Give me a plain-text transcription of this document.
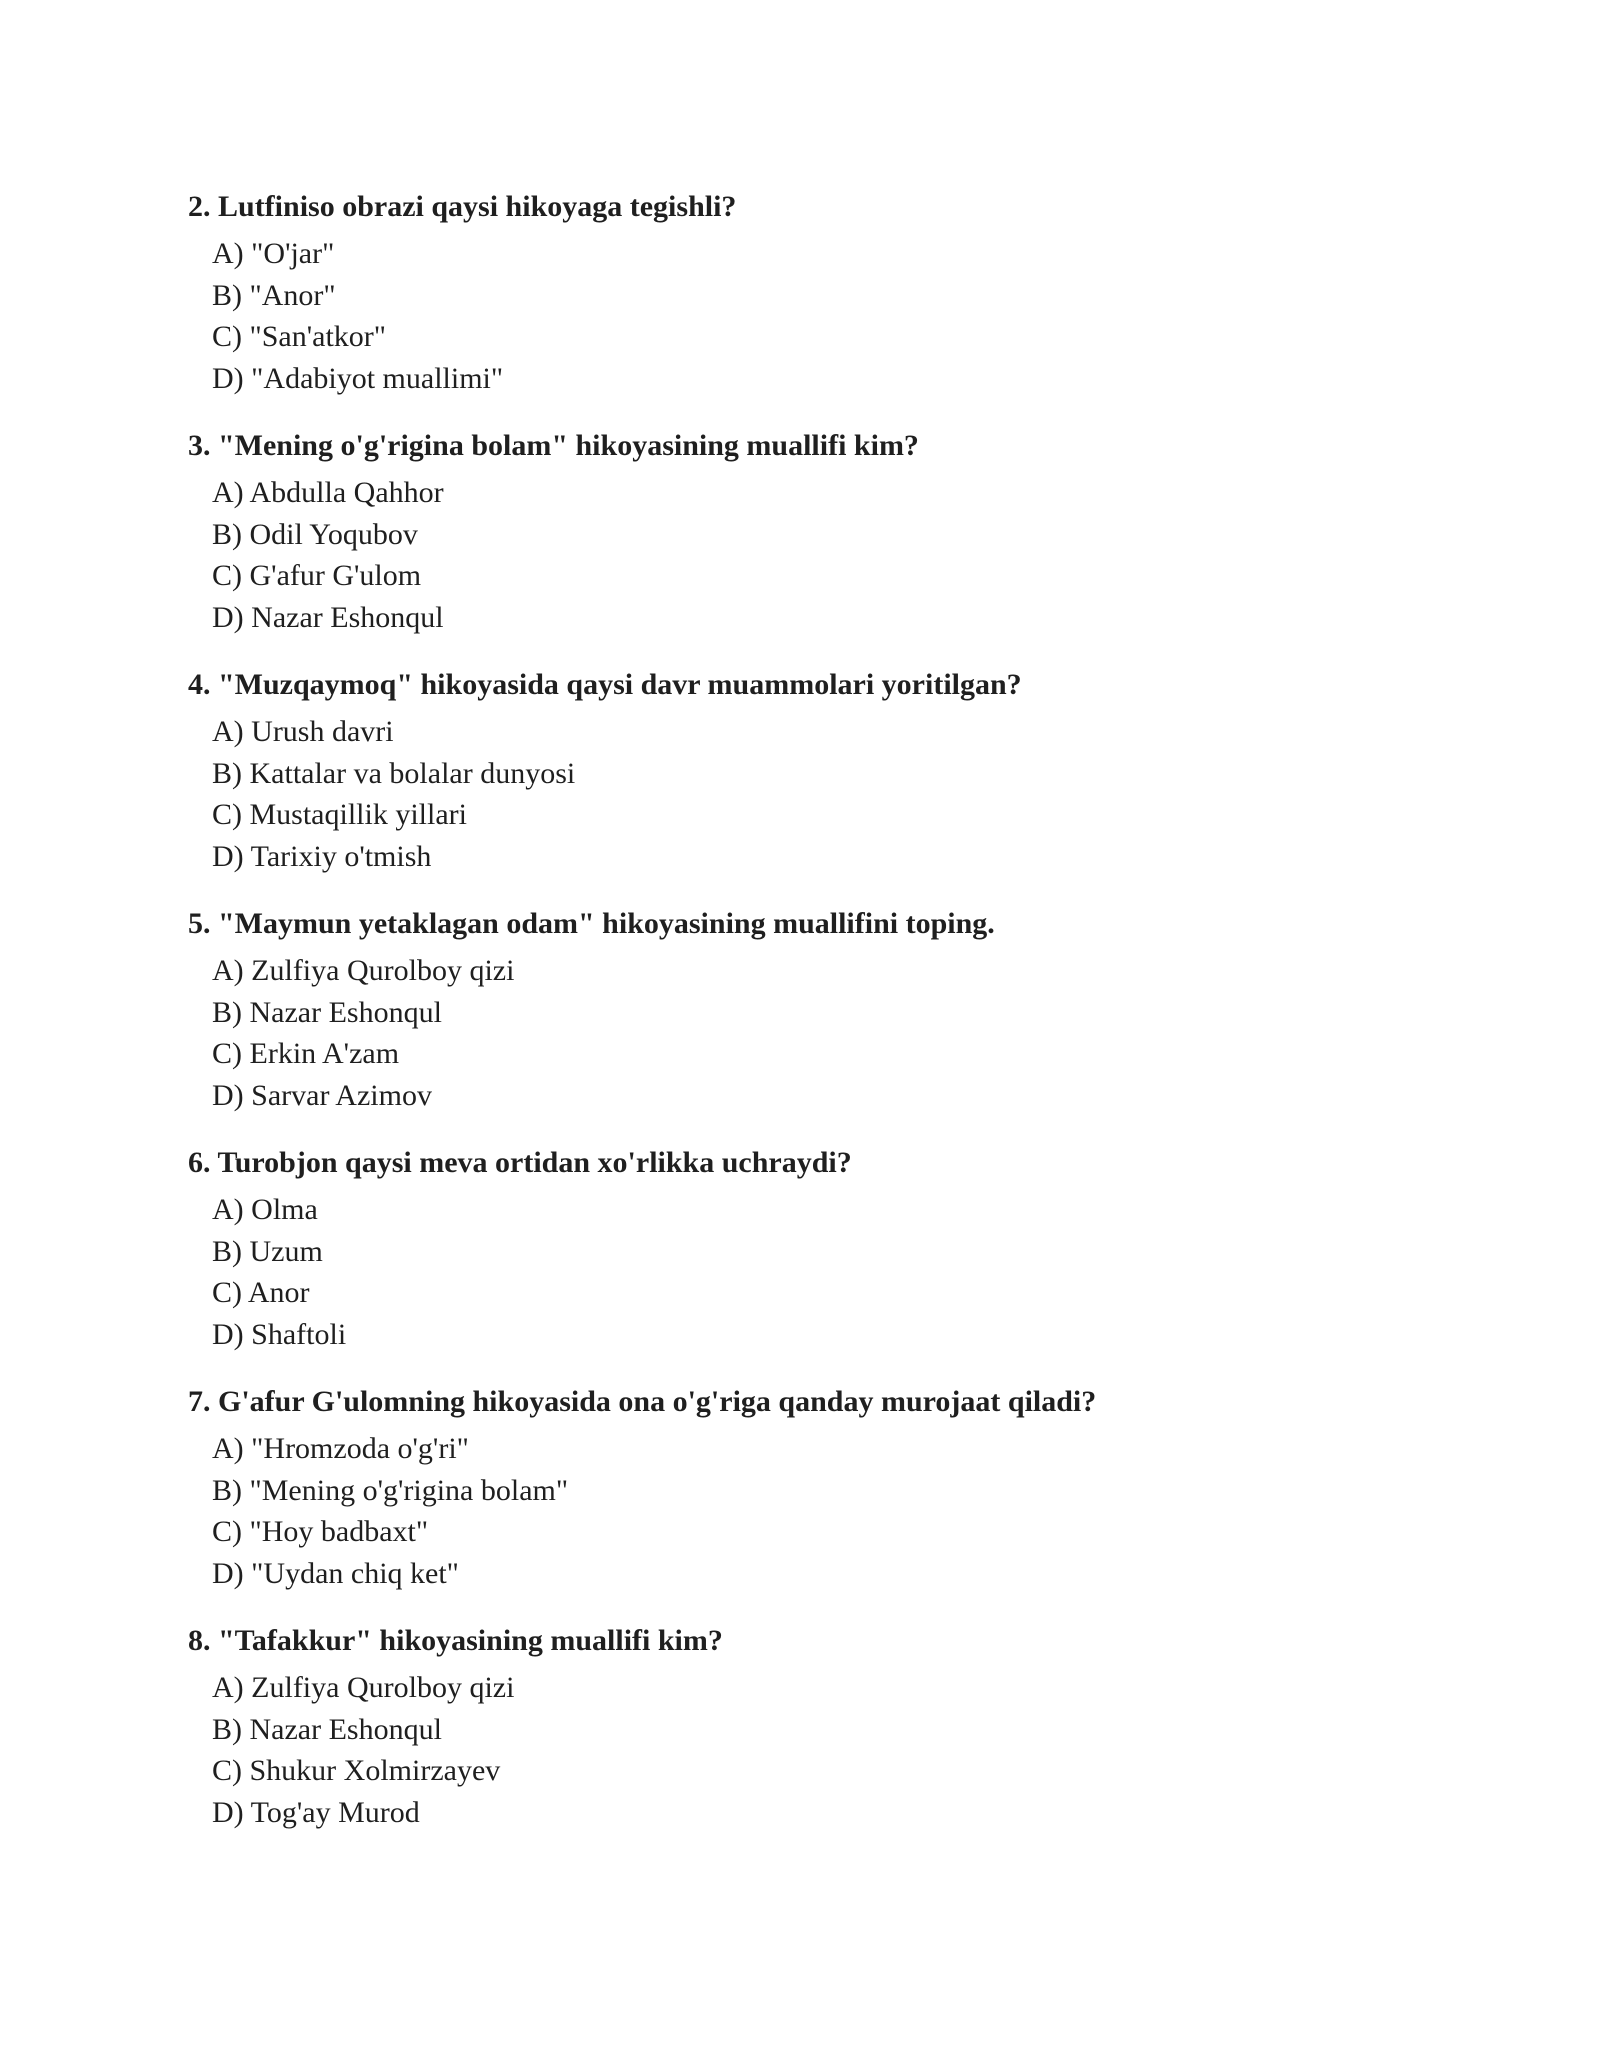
2. Lutfiniso obrazi qaysi hikoyaga tegishli?
A) "O'jar"
B) "Anor"
C) "San'atkor"
D) "Adabiyot muallimi"
3. "Mening o'g'rigina bolam" hikoyasining muallifi kim?
A) Abdulla Qahhor
B) Odil Yoqubov
C) G'afur G'ulom
D) Nazar Eshonqul
4. "Muzqaymoq" hikoyasida qaysi davr muammolari yoritilgan?
A) Urush davri
B) Kattalar va bolalar dunyosi
C) Mustaqillik yillari
D) Tarixiy o'tmish
5. "Maymun yetaklagan odam" hikoyasining muallifini toping.
A) Zulfiya Qurolboy qizi
B) Nazar Eshonqul
C) Erkin A'zam
D) Sarvar Azimov
6. Turobjon qaysi meva ortidan xo'rlikka uchraydi?
A) Olma
B) Uzum
C) Anor
D) Shaftoli
7. G'afur G'ulomning hikoyasida ona o'g'riga qanday murojaat qiladi?
A) "Hromzoda o'g'ri"
B) "Mening o'g'rigina bolam"
C) "Hoy badbaxt"
D) "Uydan chiq ket"
8. "Tafakkur" hikoyasining muallifi kim?
A) Zulfiya Qurolboy qizi
B) Nazar Eshonqul
C) Shukur Xolmirzayev
D) Tog'ay Murod
